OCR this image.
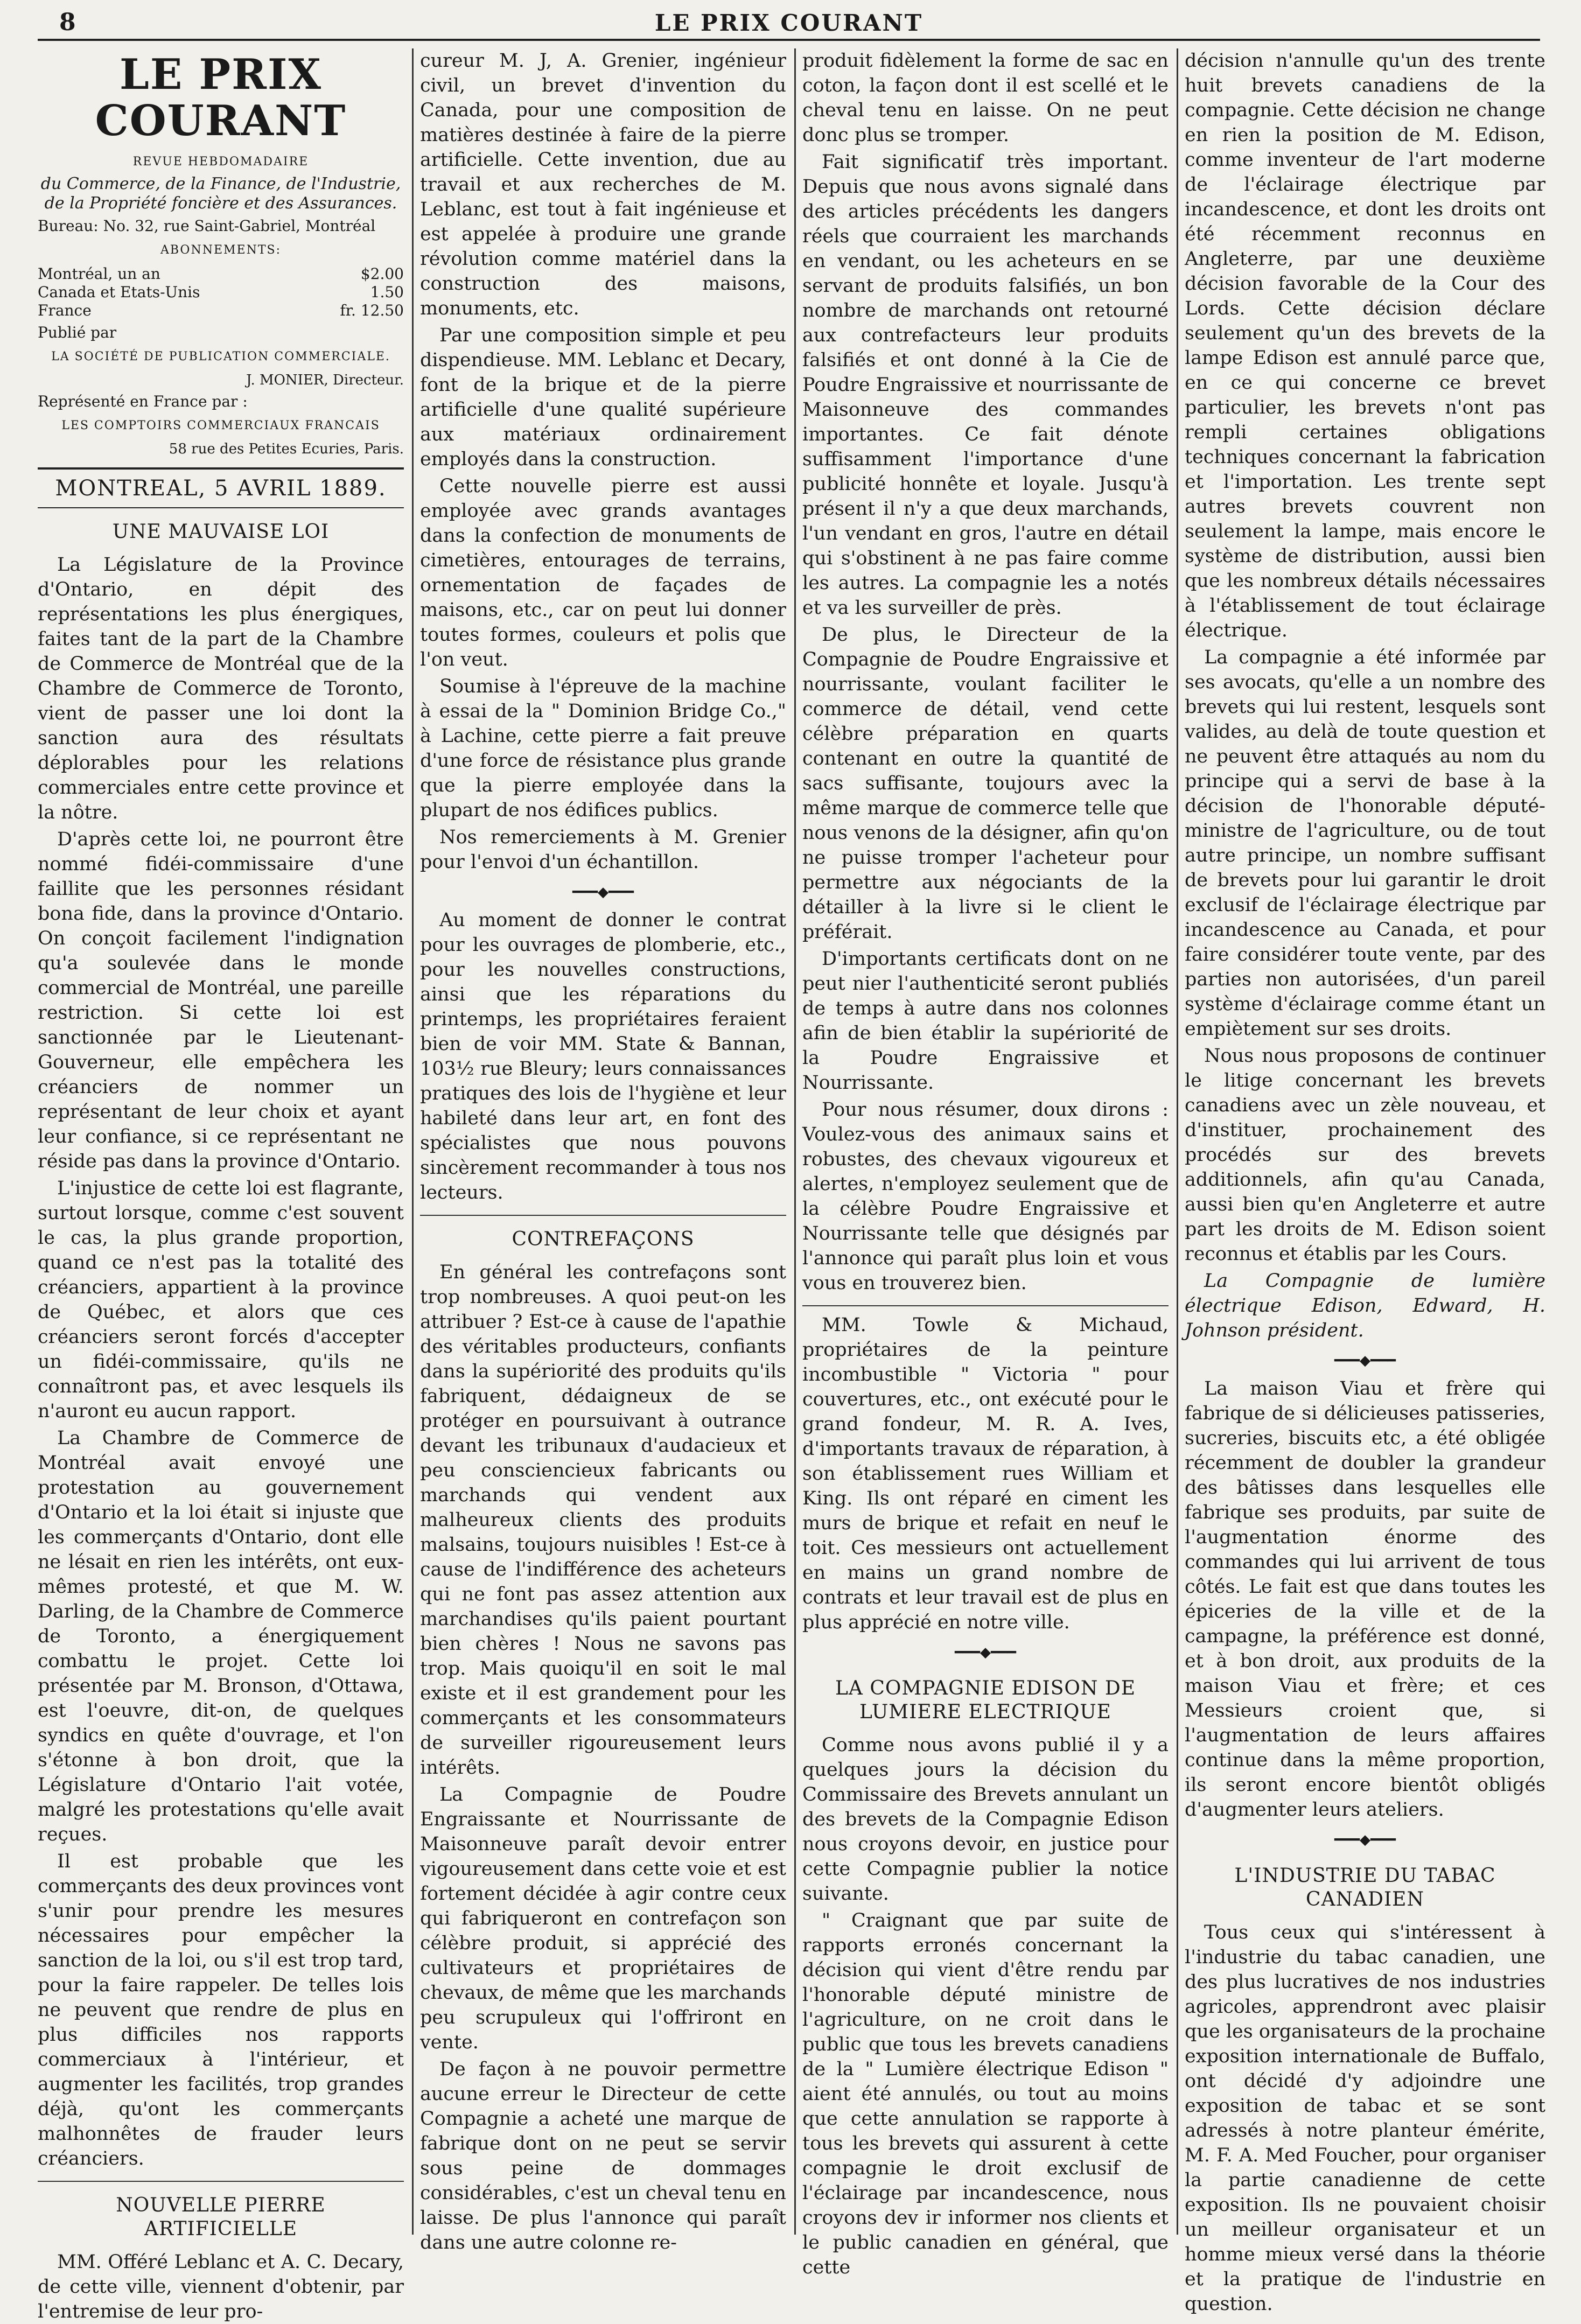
8	LE PRIX COURANT
LE PRIX COURANT
REVUE HEBDOMADAIRE
du Commerce, de la Finance, de l'Industrie,
de la Propriété foncière et des Assurances.
Bureau: No. 32, rue Saint-Gabriel, Montréal
ABONNEMENTS:
Montréal, un an	$2.00
Canada et Etats-Unis	1.50
France	fr. 12.50
Publié par
LA SOCIÉTÉ DE PUBLICATION COMMERCIALE.
J. MONIER, Directeur.
Représenté en France par :
LES COMPTOIRS COMMERCIAUX FRANCAIS
58 rue des Petites Ecuries, Paris.
MONTREAL, 5 AVRIL 1889.
UNE MAUVAISE LOI

La Législature de la Province d'Ontario, en dépit des représentations les plus énergiques, faites tant de la part de la Chambre de Commerce de Montréal que de la Chambre de Commerce de Toronto, vient de passer une loi dont la sanction aura des résultats déplorables pour les relations commerciales entre cette province et la nôtre.

D'après cette loi, ne pourront être nommé fidéi-commissaire d'une faillite que les personnes résidant bona fide, dans la province d'Ontario. On conçoit facilement l'indignation qu'a soulevée dans le monde commercial de Montréal, une pareille restriction. Si cette loi est sanctionnée par le Lieutenant-Gouverneur, elle empêchera les créanciers de nommer un représentant de leur choix et ayant leur confiance, si ce représentant ne réside pas dans la province d'Ontario.

L'injustice de cette loi est flagrante, surtout lorsque, comme c'est souvent le cas, la plus grande proportion, quand ce n'est pas la totalité des créanciers, appartient à la province de Québec, et alors que ces créanciers seront forcés d'accepter un fidéi-commissaire, qu'ils ne connaîtront pas, et avec lesquels ils n'auront eu aucun rapport.

La Chambre de Commerce de Montréal avait envoyé une protestation au gouvernement d'Ontario et la loi était si injuste que les commerçants d'Ontario, dont elle ne lésait en rien les intérêts, ont eux-mêmes protesté, et que M. W. Darling, de la Chambre de Commerce de Toronto, a énergiquement combattu le projet. Cette loi présentée par M. Bronson, d'Ottawa, est l'oeuvre, dit-on, de quelques syndics en quête d'ouvrage, et l'on s'étonne à bon droit, que la Législature d'Ontario l'ait votée, malgré les protestations qu'elle avait reçues.

Il est probable que les commerçants des deux provinces vont s'unir pour prendre les mesures nécessaires pour empêcher la sanction de la loi, ou s'il est trop tard, pour la faire rappeler. De telles lois ne peuvent que rendre de plus en plus difficiles nos rapports commerciaux à l'intérieur, et augmenter les facilités, trop grandes déjà, qu'ont les commerçants malhonnêtes de frauder leurs créanciers.

NOUVELLE PIERRE ARTIFICIELLE

MM. Offéré Leblanc et A. C. Decary, de cette ville, viennent d'obtenir, par l'entremise de leur pro-

cureur M. J, A. Grenier, ingénieur civil, un brevet d'invention du Canada, pour une composition de matières destinée à faire de la pierre artificielle. Cette invention, due au travail et aux recherches de M. Leblanc, est tout à fait ingénieuse et est appelée à produire une grande révolution comme matériel dans la construction des maisons, monuments, etc.

Par une composition simple et peu dispendieuse. MM. Leblanc et Decary, font de la brique et de la pierre artificielle d'une qualité supérieure aux matériaux ordinairement employés dans la construction.

Cette nouvelle pierre est aussi employée avec grands avantages dans la confection de monuments de cimetières, entourages de terrains, ornementation de façades de maisons, etc., car on peut lui donner toutes formes, couleurs et polis que l'on veut.

Soumise à l'épreuve de la machine à essai de la " Dominion Bridge Co.," à Lachine, cette pierre a fait preuve d'une force de résistance plus grande que la pierre employée dans la plupart de nos édifices publics.

Nos remerciements à M. Grenier pour l'envoi d'un échantillon.

━━━◆━━━

Au moment de donner le contrat pour les ouvrages de plomberie, etc., pour les nouvelles constructions, ainsi que les réparations du printemps, les propriétaires feraient bien de voir MM. State & Bannan, 103½ rue Bleury; leurs connaissances pratiques des lois de l'hygiène et leur habileté dans leur art, en font des spécialistes que nous pouvons sincèrement recommander à tous nos lecteurs.

CONTREFAÇONS

En général les contrefaçons sont trop nombreuses. A quoi peut-on les attribuer ? Est-ce à cause de l'apathie des véritables producteurs, confiants dans la supériorité des produits qu'ils fabriquent, dédaigneux de se protéger en poursuivant à outrance devant les tribunaux d'audacieux et peu consciencieux fabricants ou marchands qui vendent aux malheureux clients des produits malsains, toujours nuisibles ! Est-ce à cause de l'indifférence des acheteurs qui ne font pas assez attention aux marchandises qu'ils paient pourtant bien chères ! Nous ne savons pas trop. Mais quoiqu'il en soit le mal existe et il est grandement pour les commerçants et les consommateurs de surveiller rigoureusement leurs intérêts.

La Compagnie de Poudre Engraissante et Nourrissante de Maisonneuve paraît devoir entrer vigoureusement dans cette voie et est fortement décidée à agir contre ceux qui fabriqueront en contrefaçon son célèbre produit, si apprécié des cultivateurs et propriétaires de chevaux, de même que les marchands peu scrupuleux qui l'offriront en vente.

De façon à ne pouvoir permettre aucune erreur le Directeur de cette Compagnie a acheté une marque de fabrique dont on ne peut se servir sous peine de dommages considérables, c'est un cheval tenu en laisse. De plus l'annonce qui paraît dans une autre colonne re-

produit fidèlement la forme de sac en coton, la façon dont il est scellé et le cheval tenu en laisse. On ne peut donc plus se tromper.

Fait significatif très important. Depuis que nous avons signalé dans des articles précédents les dangers réels que courraient les marchands en vendant, ou les acheteurs en se servant de produits falsifiés, un bon nombre de marchands ont retourné aux contrefacteurs leur produits falsifiés et ont donné à la Cie de Poudre Engraissive et nourrissante de Maisonneuve des commandes importantes. Ce fait dénote suffisamment l'importance d'une publicité honnête et loyale. Jusqu'à présent il n'y a que deux marchands, l'un vendant en gros, l'autre en détail qui s'obstinent à ne pas faire comme les autres. La compagnie les a notés et va les surveiller de près.

De plus, le Directeur de la Compagnie de Poudre Engraissive et nourrissante, voulant faciliter le commerce de détail, vend cette célèbre préparation en quarts contenant en outre la quantité de sacs suffisante, toujours avec la même marque de commerce telle que nous venons de la désigner, afin qu'on ne puisse tromper l'acheteur pour permettre aux négociants de la détailler à la livre si le client le préférait.

D'importants certificats dont on ne peut nier l'authenticité seront publiés de temps à autre dans nos colonnes afin de bien établir la supériorité de la Poudre Engraissive et Nourrissante.

Pour nous résumer, doux dirons : Voulez-vous des animaux sains et robustes, des chevaux vigoureux et alertes, n'employez seulement que de la célèbre Poudre Engraissive et Nourrissante telle que désignés par l'annonce qui paraît plus loin et vous vous en trouverez bien.

MM. Towle & Michaud, propriétaires de la peinture incombustible " Victoria " pour couvertures, etc., ont exécuté pour le grand fondeur, M. R. A. Ives, d'importants travaux de réparation, à son établissement rues William et King. Ils ont réparé en ciment les murs de brique et refait en neuf le toit. Ces messieurs ont actuellement en mains un grand nombre de contrats et leur travail est de plus en plus apprécié en notre ville.

━━━◆━━━
LA COMPAGNIE EDISON DE LUMIERE ELECTRIQUE

Comme nous avons publié il y a quelques jours la décision du Commissaire des Brevets annulant un des brevets de la Compagnie Edison nous croyons devoir, en justice pour cette Compagnie publier la notice suivante.

" Craignant que par suite de rapports erronés concernant la décision qui vient d'être rendu par l'honorable député ministre de l'agriculture, on ne croit dans le public que tous les brevets canadiens de la " Lumière électrique Edison " aient été annulés, ou tout au moins que cette annulation se rapporte à tous les brevets qui assurent à cette compagnie le droit exclusif de l'éclairage par incandescence, nous croyons dev ir informer nos clients et le public canadien en général, que cette

décision n'annulle qu'un des trente huit brevets canadiens de la compagnie. Cette décision ne change en rien la position de M. Edison, comme inventeur de l'art moderne de l'éclairage électrique par incandescence, et dont les droits ont été récemment reconnus en Angleterre, par une deuxième décision favorable de la Cour des Lords. Cette décision déclare seulement qu'un des brevets de la lampe Edison est annulé parce que, en ce qui concerne ce brevet particulier, les brevets n'ont pas rempli certaines obligations techniques concernant la fabrication et l'importation. Les trente sept autres brevets couvrent non seulement la lampe, mais encore le système de distribution, aussi bien que les nombreux détails nécessaires à l'établissement de tout éclairage électrique.

La compagnie a été informée par ses avocats, qu'elle a un nombre des brevets qui lui restent, lesquels sont valides, au delà de toute question et ne peuvent être attaqués au nom du principe qui a servi de base à la décision de l'honorable député-ministre de l'agriculture, ou de tout autre principe, un nombre suffisant de brevets pour lui garantir le droit exclusif de l'éclairage électrique par incandescence au Canada, et pour faire considérer toute vente, par des parties non autorisées, d'un pareil système d'éclairage comme étant un empiètement sur ses droits.

Nous nous proposons de continuer le litige concernant les brevets canadiens avec un zèle nouveau, et d'instituer, prochainement des procédés sur des brevets additionnels, afin qu'au Canada, aussi bien qu'en Angleterre et autre part les droits de M. Edison soient reconnus et établis par les Cours.

La Compagnie de lumière électrique Edison, Edward, H. Johnson président.

━━━◆━━━

La maison Viau et frère qui fabrique de si délicieuses patisseries, sucreries, biscuits etc, a été obligée récemment de doubler la grandeur des bâtisses dans lesquelles elle fabrique ses produits, par suite de l'augmentation énorme des commandes qui lui arrivent de tous côtés. Le fait est que dans toutes les épiceries de la ville et de la campagne, la préférence est donné, et à bon droit, aux produits de la maison Viau et frère; et ces Messieurs croient que, si l'augmentation de leurs affaires continue dans la même proportion, ils seront encore bientôt obligés d'augmenter leurs ateliers.

━━━◆━━━
L'INDUSTRIE DU TABAC CANADIEN

Tous ceux qui s'intéressent à l'industrie du tabac canadien, une des plus lucratives de nos industries agricoles, apprendront avec plaisir que les organisateurs de la prochaine exposition internationale de Buffalo, ont décidé d'y adjoindre une exposition de tabac et se sont adressés à notre planteur émérite, M. F. A. Med Foucher, pour organiser la partie canadienne de cette exposition. Ils ne pouvaient choisir un meilleur organisateur et un homme mieux versé dans la théorie et la pratique de l'industrie en question.
